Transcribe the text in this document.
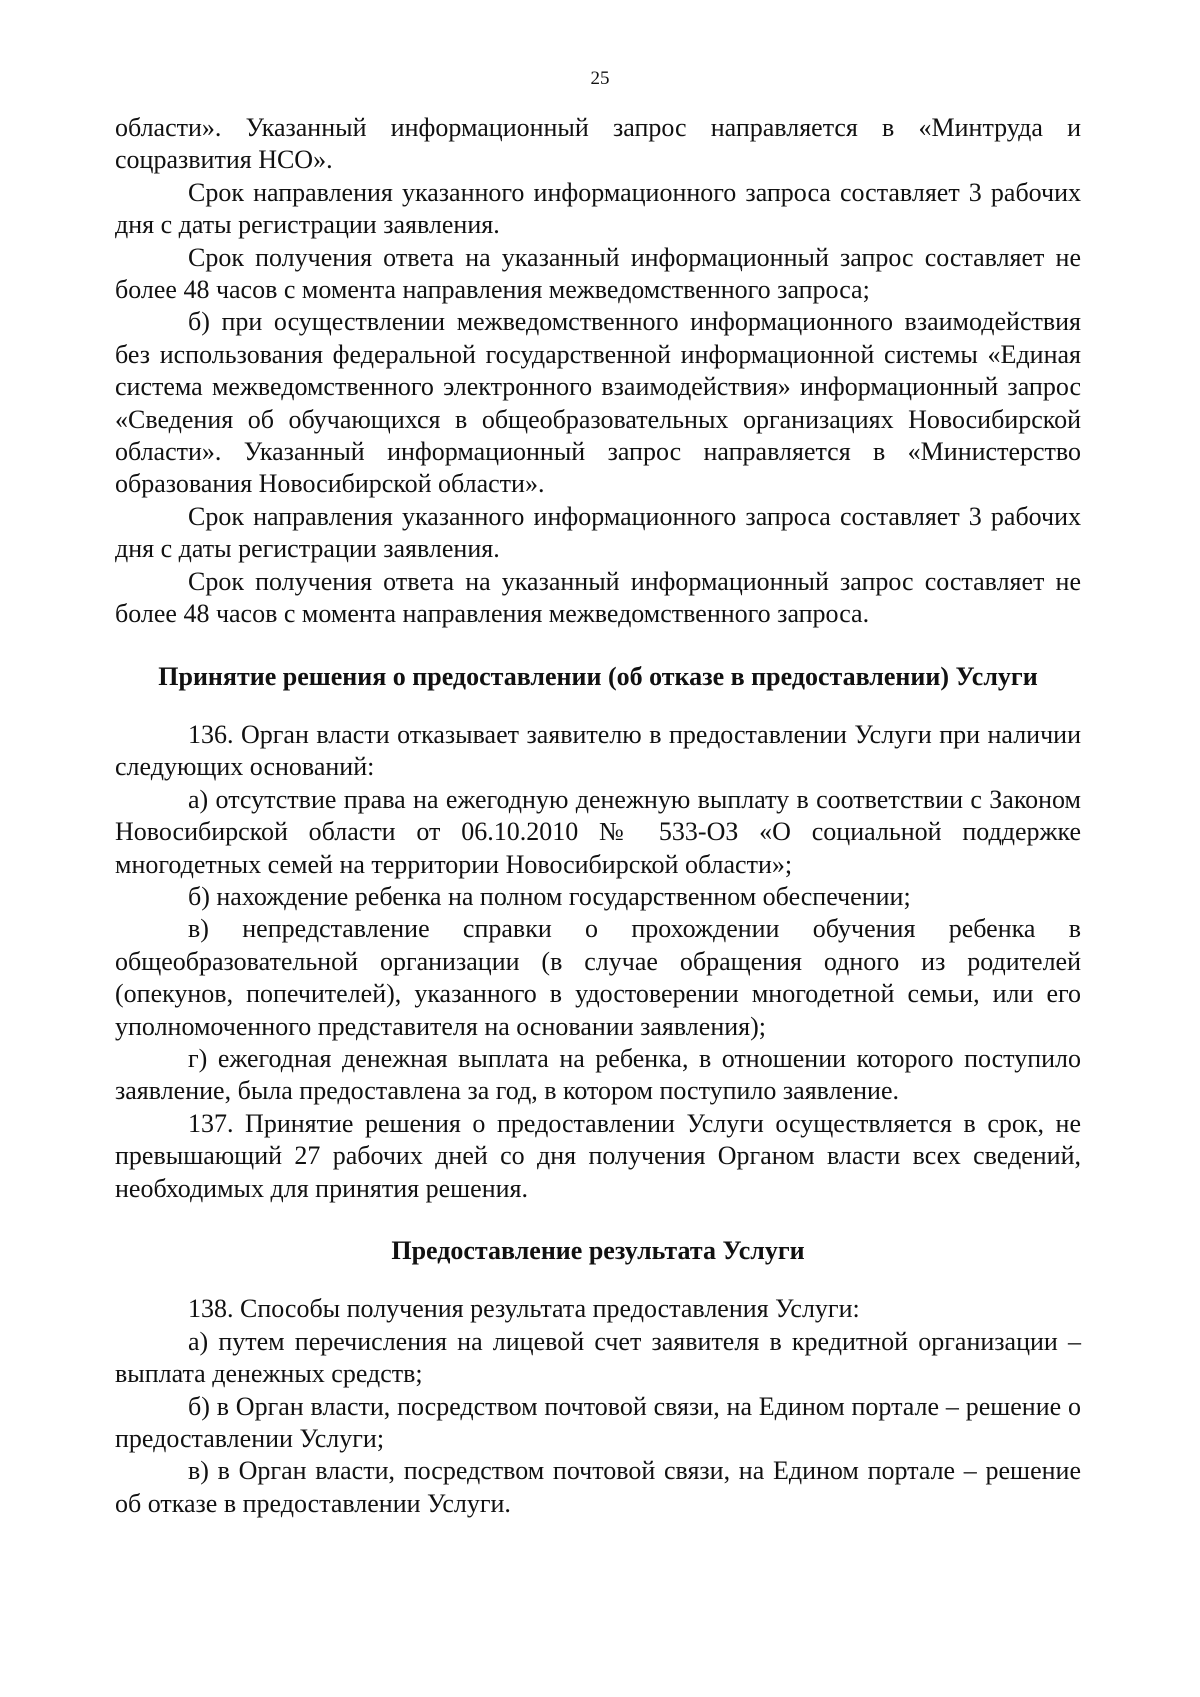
25

области». Указанный информационный запрос направляется в «Минтруда и соцразвития НСО».

Срок направления указанного информационного запроса составляет 3 рабочих дня с даты регистрации заявления.

Срок получения ответа на указанный информационный запрос составляет не более 48 часов с момента направления межведомственного запроса;

б) при осуществлении межведомственного информационного взаимодействия без использования федеральной государственной информационной системы «Единая система межведомственного электронного взаимодействия» информационный запрос «Сведения об обучающихся в общеобразовательных организациях Новосибирской области». Указанный информационный запрос направляется в «Министерство образования Новосибирской области».

Срок направления указанного информационного запроса составляет 3 рабочих дня с даты регистрации заявления.

Срок получения ответа на указанный информационный запрос составляет не более 48 часов с момента направления межведомственного запроса.

Принятие решения о предоставлении (об отказе в предоставлении) Услуги

136. Орган власти отказывает заявителю в предоставлении Услуги при наличии следующих оснований:

а) отсутствие права на ежегодную денежную выплату в соответствии с Законом Новосибирской области от 06.10.2010 № 533-ОЗ «О социальной поддержке многодетных семей на территории Новосибирской области»;

б) нахождение ребенка на полном государственном обеспечении;

в) непредставление справки о прохождении обучения ребенка в общеобразовательной организации (в случае обращения одного из родителей (опекунов, попечителей), указанного в удостоверении многодетной семьи, или его уполномоченного представителя на основании заявления);

г) ежегодная денежная выплата на ребенка, в отношении которого поступило заявление, была предоставлена за год, в котором поступило заявление.

137. Принятие решения о предоставлении Услуги осуществляется в срок, не превышающий 27 рабочих дней со дня получения Органом власти всех сведений, необходимых для принятия решения.

Предоставление результата Услуги

138. Способы получения результата предоставления Услуги:

а) путем перечисления на лицевой счет заявителя в кредитной организации – выплата денежных средств;

б) в Орган власти, посредством почтовой связи, на Едином портале – решение о предоставлении Услуги;

в) в Орган власти, посредством почтовой связи, на Едином портале – решение об отказе в предоставлении Услуги.
